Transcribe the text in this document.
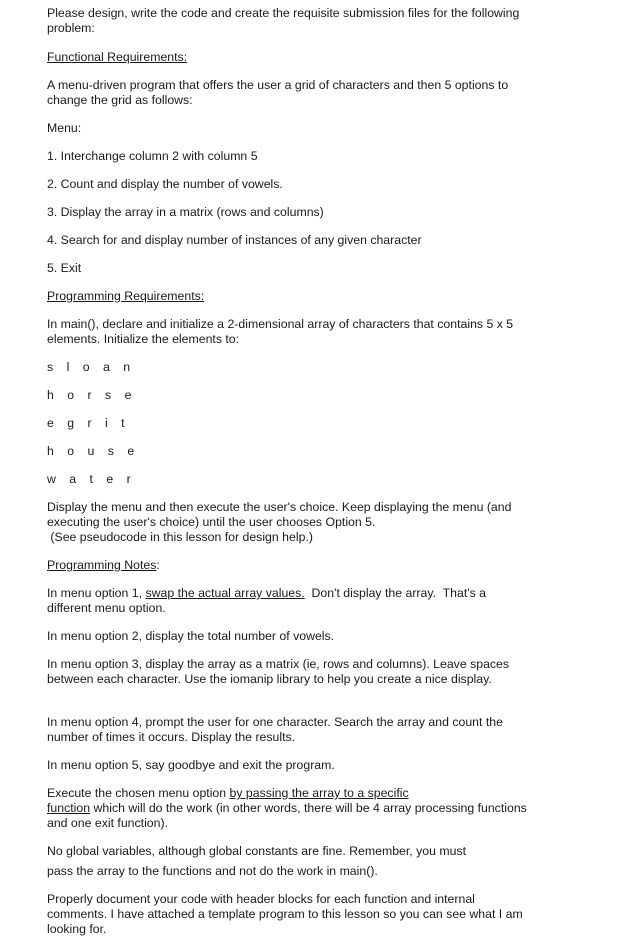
Please design, write the code and create the requisite submission files for the following problem:

Functional Requirements:

A menu-driven program that offers the user a grid of characters and then 5 options to change the grid as follows:

Menu:

1. Interchange column 2 with column 5

2. Count and display the number of vowels.

3. Display the array in a matrix (rows and columns)

4. Search for and display number of instances of any given character

5. Exit

Programming Requirements:

In main(), declare and initialize a 2-dimensional array of characters that contains 5 x 5 elements. Initialize the elements to:

s l o a n

h o r s e

e g r i t

h o u s e

w a t e r

Display the menu and then execute the user's choice. Keep displaying the menu (and executing the user's choice) until the user chooses Option 5.
(See pseudocode in this lesson for design help.)

Programming Notes:

In menu option 1, swap the actual array values.  Don't display the array.  That's a different menu option.

In menu option 2, display the total number of vowels.

In menu option 3, display the array as a matrix (ie, rows and columns). Leave spaces between each character. Use the iomanip library to help you create a nice display.

In menu option 4, prompt the user for one character. Search the array and count the number of times it occurs. Display the results.

In menu option 5, say goodbye and exit the program.

Execute the chosen menu option by passing the array to a specific
function which will do the work (in other words, there will be 4 array processing functions and one exit function).
No global variables, although global constants are fine. Remember, you must
pass the array to the functions and not do the work in main().

Properly document your code with header blocks for each function and internal comments. I have attached a template program to this lesson so you can see what I am looking for.
